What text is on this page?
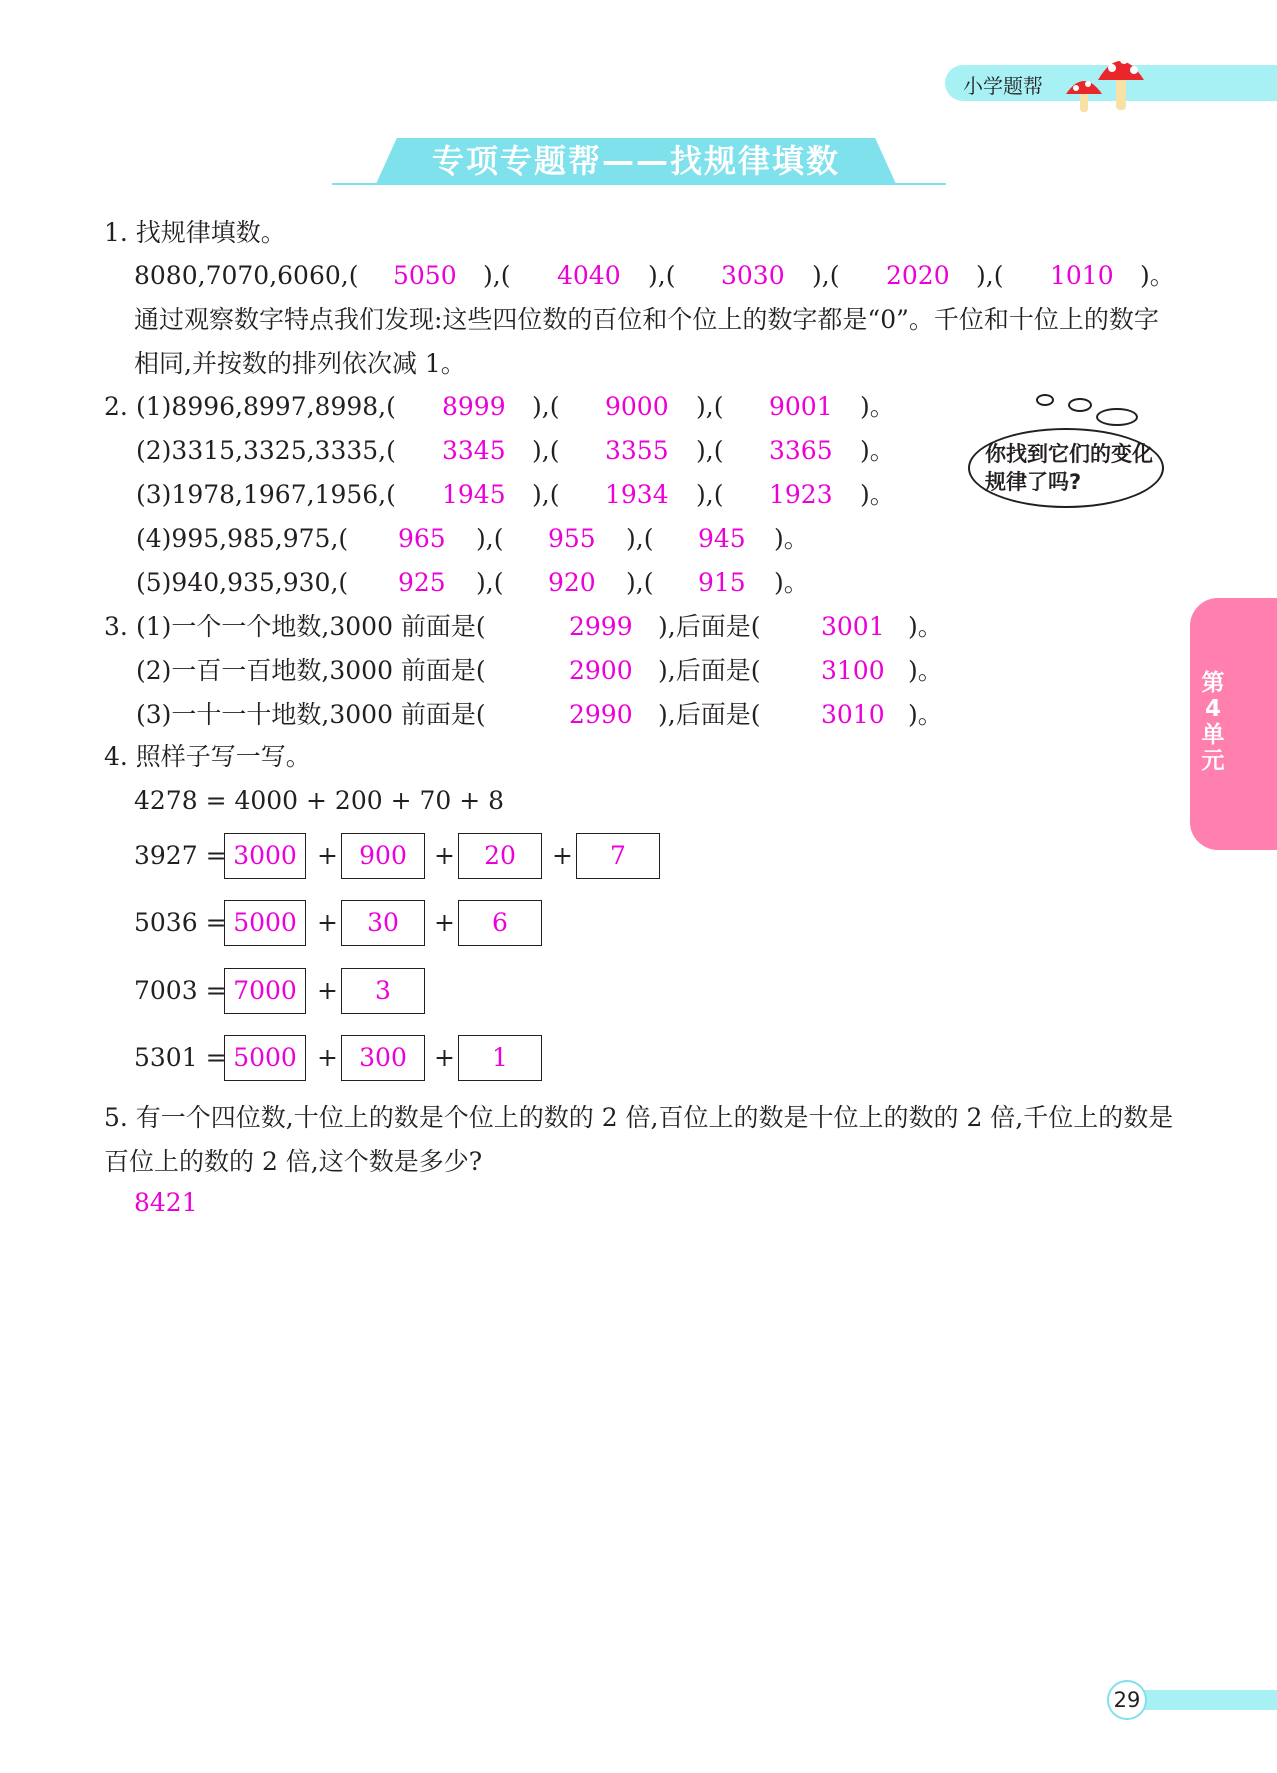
小学题帮
专项专题帮——找规律填数
1. 找规律填数。
8080,7070,6060,( 5050 ),( 4040 ),( 3030 ),( 2020 ),( 1010 )。
通过观察数字特点我们发现:这些四位数的百位和个位上的数字都是“0”。千位和十位上的数字相同,并按数的排列依次减 1。
2. (1)8996,8997,8998,( 8999 ),( 9000 ),( 9001 )。
(2)3315,3325,3335,( 3345 ),( 3355 ),( 3365 )。
(3)1978,1967,1956,( 1945 ),( 1934 ),( 1923 )。
(4)995,985,975,( 965 ),( 955 ),( 945 )。
(5)940,935,930,( 925 ),( 920 ),( 915 )。
你找到它们的变化规律了吗?
3. (1)一个一个地数,3000 前面是(	2999 ),后面是( 3001 )。
(2)一百一百地数,3000 前面是(	2900 ),后面是( 3100 )。
(3)一十一十地数,3000 前面是(	2990 ),后面是( 3010 )。
4. 照样子写一写。
4278 = 4000 + 200 + 70 + 8
3927 = 3000 + 900	+	20	+	7
5036 = 5000 +	30	+	6
7003 = 7000 +	3
5301 = 5000 + 300	+	1
5. 有一个四位数,十位上的数是个位上的数的 2 倍,百位上的数是十位上的数的 2 倍,千位上的数是百位上的数的 2 倍,这个数是多少?
8421
第4单元
29
